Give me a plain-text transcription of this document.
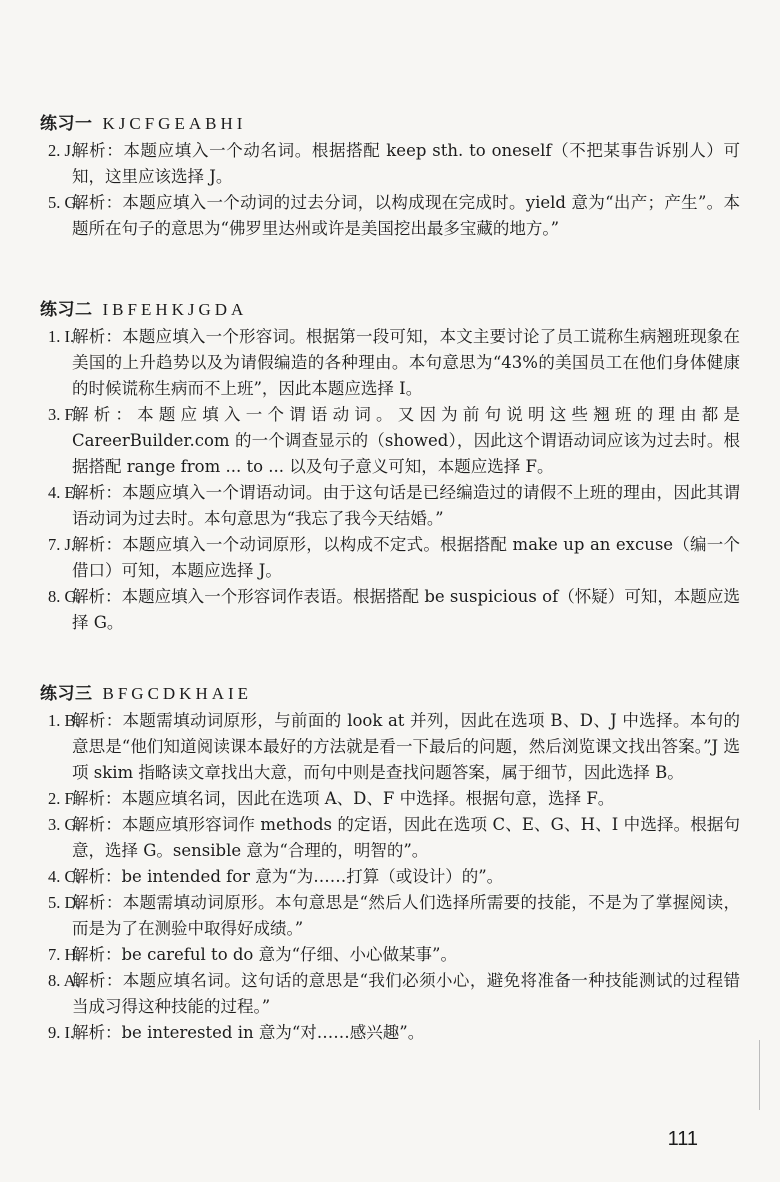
练习一 KJCFGEABHI
2. J.
解析：本题应填入一个动名词。根据搭配 keep sth. to oneself（不把某事告诉别人）可知，这里应该选择 J。
5. G.
解析：本题应填入一个动词的过去分词，以构成现在完成时。yield 意为“出产；产生”。本题所在句子的意思为“佛罗里达州或许是美国挖出最多宝藏的地方。”
练习二 IBFEHKJGDA
1. I.
解析：本题应填入一个形容词。根据第一段可知，本文主要讨论了员工谎称生病翘班现象在美国的上升趋势以及为请假编造的各种理由。本句意思为“43%的美国员工在他们身体健康的时候谎称生病而不上班”，因此本题应选择 I。
3. F.
解析：本题应填入一个谓语动词。又因为前句说明这些翘班的理由都是CareerBuilder.com 的一个调查显示的（showed），因此这个谓语动词应该为过去时。根据搭配 range from ... to ... 以及句子意义可知，本题应选择 F。
4. E.
解析：本题应填入一个谓语动词。由于这句话是已经编造过的请假不上班的理由，因此其谓语动词为过去时。本句意思为“我忘了我今天结婚。”
7. J.
解析：本题应填入一个动词原形，以构成不定式。根据搭配 make up an excuse（编一个借口）可知，本题应选择 J。
8. G.
解析：本题应填入一个形容词作表语。根据搭配 be suspicious of（怀疑）可知，本题应选择 G。
练习三 BFGCDKHAIE
1. B.
解析：本题需填动词原形，与前面的 look at 并列，因此在选项 B、D、J 中选择。本句的意思是“他们知道阅读课本最好的方法就是看一下最后的问题，然后浏览课文找出答案。”J 选项 skim 指略读文章找出大意，而句中则是查找问题答案，属于细节，因此选择 B。
2. F.
解析：本题应填名词，因此在选项 A、D、F 中选择。根据句意，选择 F。
3. G.
解析：本题应填形容词作 methods 的定语，因此在选项 C、E、G、H、I 中选择。根据句意，选择 G。sensible 意为“合理的，明智的”。
4. C.
解析：be intended for 意为“为……打算（或设计）的”。
5. D.
解析：本题需填动词原形。本句意思是“然后人们选择所需要的技能，不是为了掌握阅读，而是为了在测验中取得好成绩。”
7. H.
解析：be careful to do 意为“仔细、小心做某事”。
8. A.
解析：本题应填名词。这句话的意思是“我们必须小心，避免将准备一种技能测试的过程错当成习得这种技能的过程。”
9. I.
解析：be interested in 意为“对……感兴趣”。
111
